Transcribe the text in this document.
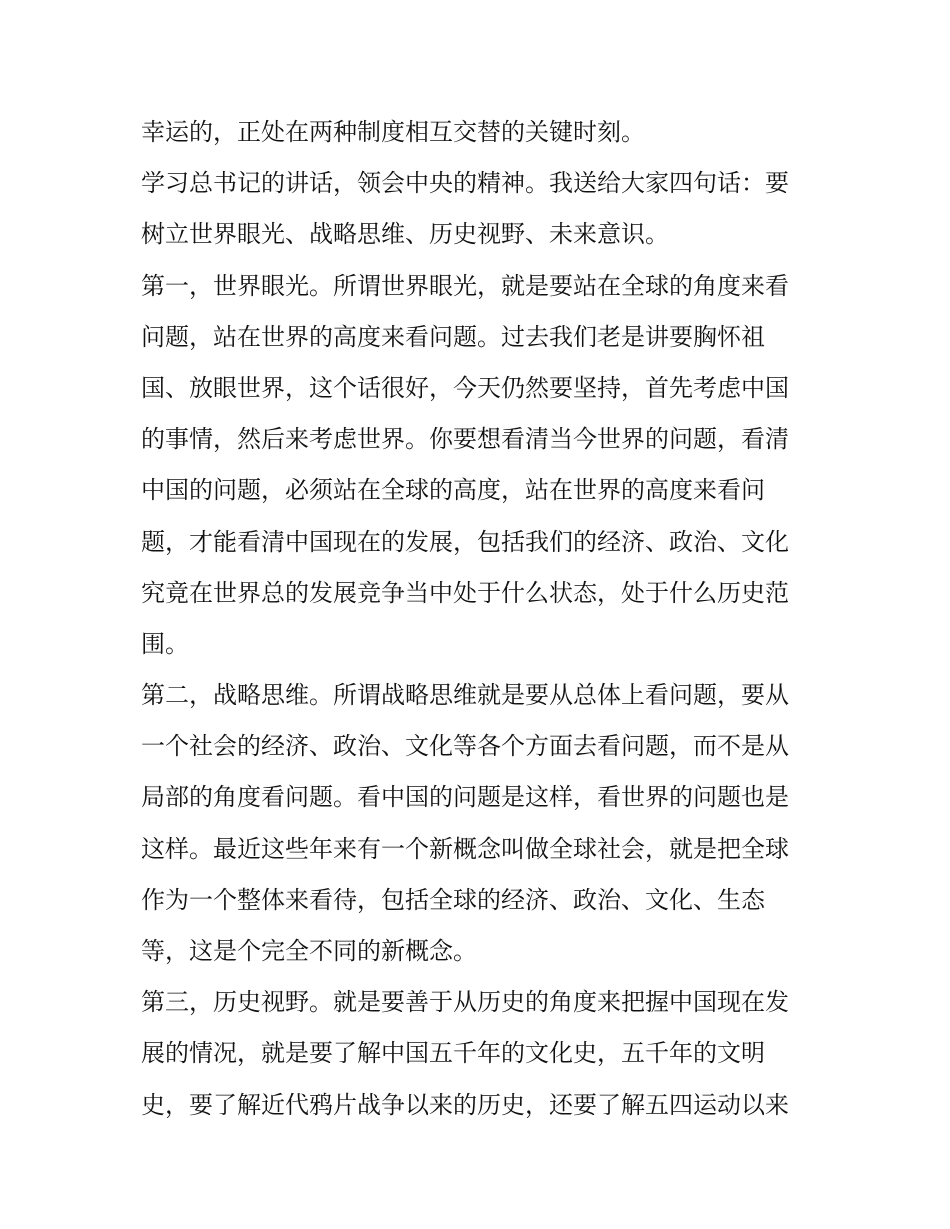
幸运的，正处在两种制度相互交替的关键时刻。
学习总书记的讲话，领会中央的精神。我送给大家四句话：要
树立世界眼光、战略思维、历史视野、未来意识。
第一，世界眼光。所谓世界眼光，就是要站在全球的角度来看
问题，站在世界的高度来看问题。过去我们老是讲要胸怀祖
国、放眼世界，这个话很好，今天仍然要坚持，首先考虑中国
的事情，然后来考虑世界。你要想看清当今世界的问题，看清
中国的问题，必须站在全球的高度，站在世界的高度来看问
题，才能看清中国现在的发展，包括我们的经济、政治、文化
究竟在世界总的发展竞争当中处于什么状态，处于什么历史范
围。
第二，战略思维。所谓战略思维就是要从总体上看问题，要从
一个社会的经济、政治、文化等各个方面去看问题，而不是从
局部的角度看问题。看中国的问题是这样，看世界的问题也是
这样。最近这些年来有一个新概念叫做全球社会，就是把全球
作为一个整体来看待，包括全球的经济、政治、文化、生态
等，这是个完全不同的新概念。
第三，历史视野。就是要善于从历史的角度来把握中国现在发
展的情况，就是要了解中国五千年的文化史，五千年的文明
史，要了解近代鸦片战争以来的历史，还要了解五四运动以来
